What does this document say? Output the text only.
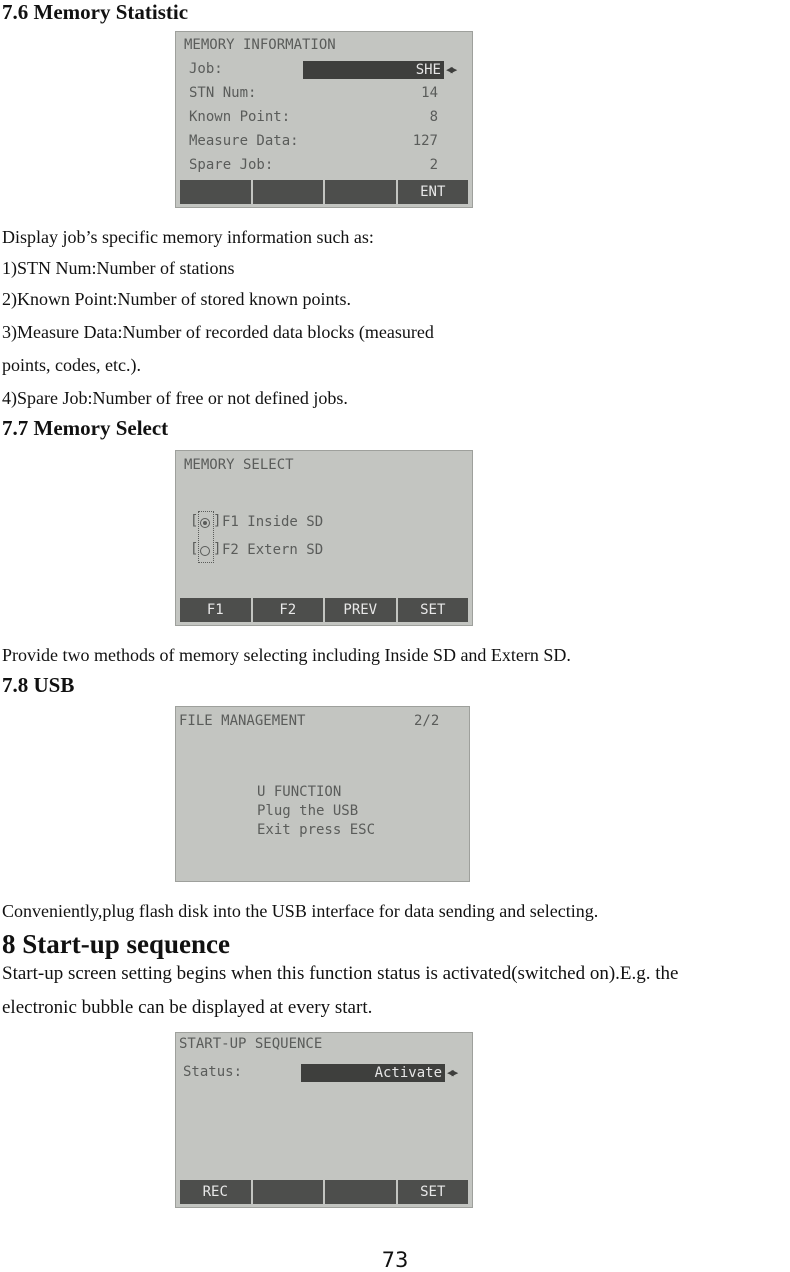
7.6 Memory Statistic
MEMORY INFORMATION
Job:	SHE ◀▶
STN Num:	14
Known Point:	8
Measure Data:	127
Spare Job:	2
ENT
Display job’s specific memory information such as:
1)STN Num:Number of stations
2)Known Point:Number of stored known points.
3)Measure Data:Number of recorded data blocks (measured
points, codes, etc.).
4)Spare Job:Number of free or not defined jobs.
7.7 Memory Select
MEMORY SELECT
[ ] F1 Inside SD
[ ] F2 Extern SD
F1	F2	PREV	SET
Provide two methods of memory selecting including Inside SD and Extern SD.
7.8 USB
FILE MANAGEMENT	2/2
U FUNCTION
Plug the USB
Exit press ESC
Conveniently,plug flash disk into the USB interface for data sending and selecting.
8 Start-up sequence
Start-up screen setting begins when this function status is activated(switched on).E.g. the
electronic bubble can be displayed at every start.
START-UP SEQUENCE
Status:	Activate ◀▶
REC	SET
73
